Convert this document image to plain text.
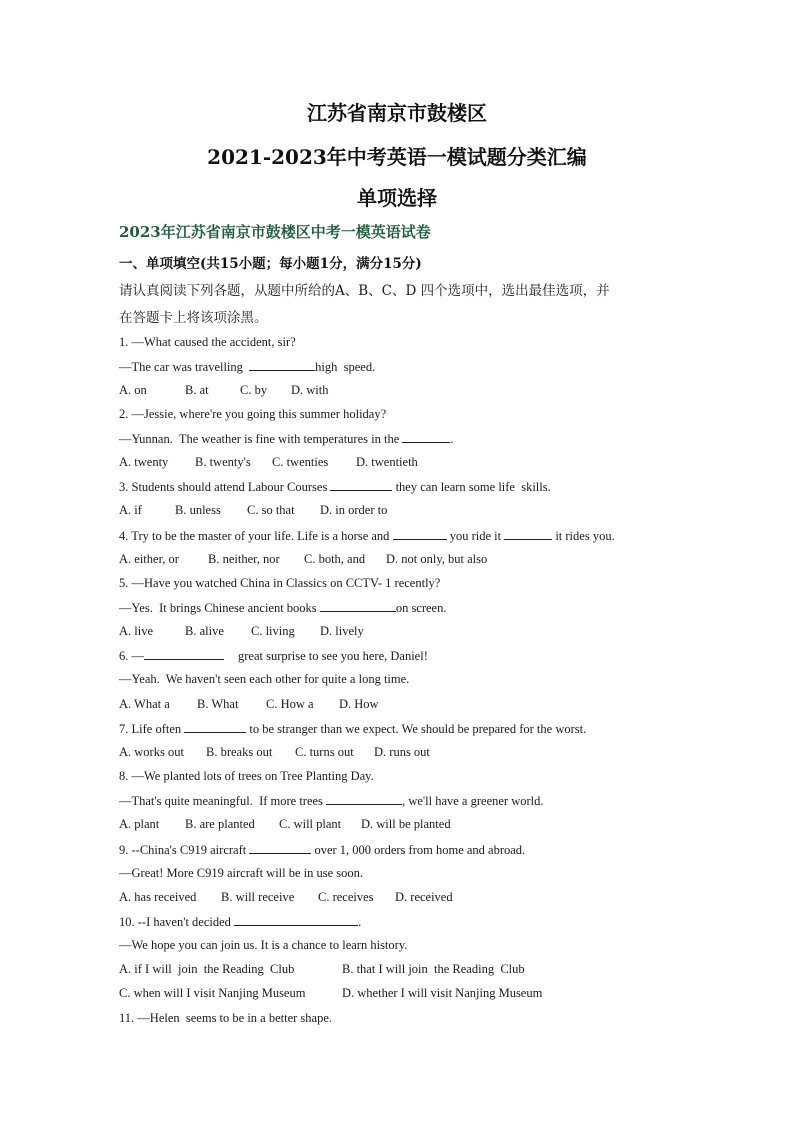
江苏省南京市鼓楼区
2021-2023年中考英语一模试题分类汇编
单项选择
2023年江苏省南京市鼓楼区中考一模英语试卷
一、单项填空(共15小题；每小题1分，满分15分)
请认真阅读下列各题，从题中所给的A、B、C、D 四个选项中，选出最佳选项，并
在答题卡上将该项涂黑。
1. —What caused the accident, sir?
—The car was travelling	high  speed.
A. on	B. at	C. by D. with
2. —Jessie, where're you going this summer holiday?
—Yunnan.  The weather is fine with temperatures in the	.
A. twenty B. twenty's C. twenties D. twentieth
3. Students should attend Labour Courses	they can learn some life  skills.
A. if	B. unless C. so that D. in order to
4. Try to be the master of your life. Life is a horse and	you ride it	it rides you.
A. either, or B. neither, nor C. both, and D. not only, but also
5. —Have you watched China in Classics on CCTV- 1 recently?
—Yes.  It brings Chinese ancient books	on screen.
A. live	B. alive C. living D. lively
6. —	great surprise to see you here, Daniel!
—Yeah.  We haven't seen each other for quite a long time.
A. What a B. What C. How a D. How
7. Life often	to be stranger than we expect. We should be prepared for the worst.
A. works out B. breaks out C. turns out D. runs out
8. —We planted lots of trees on Tree Planting Day.
—That's quite meaningful.  If more trees	, we'll have a greener world.
A. plant B. are planted C. will plant D. will be planted
9. --China's C919 aircraft	over 1, 000 orders from home and abroad.
—Great! More C919 aircraft will be in use soon.
A. has received B. will receive C. receives D. received
10. --I haven't decided	.
—We hope you can join us. It is a chance to learn history.
A. if I will  join  the Reading  Club	B. that I will join  the Reading  Club
C. when will I visit Nanjing Museum	D. whether I will visit Nanjing Museum
11. —Helen  seems to be in a better shape.
